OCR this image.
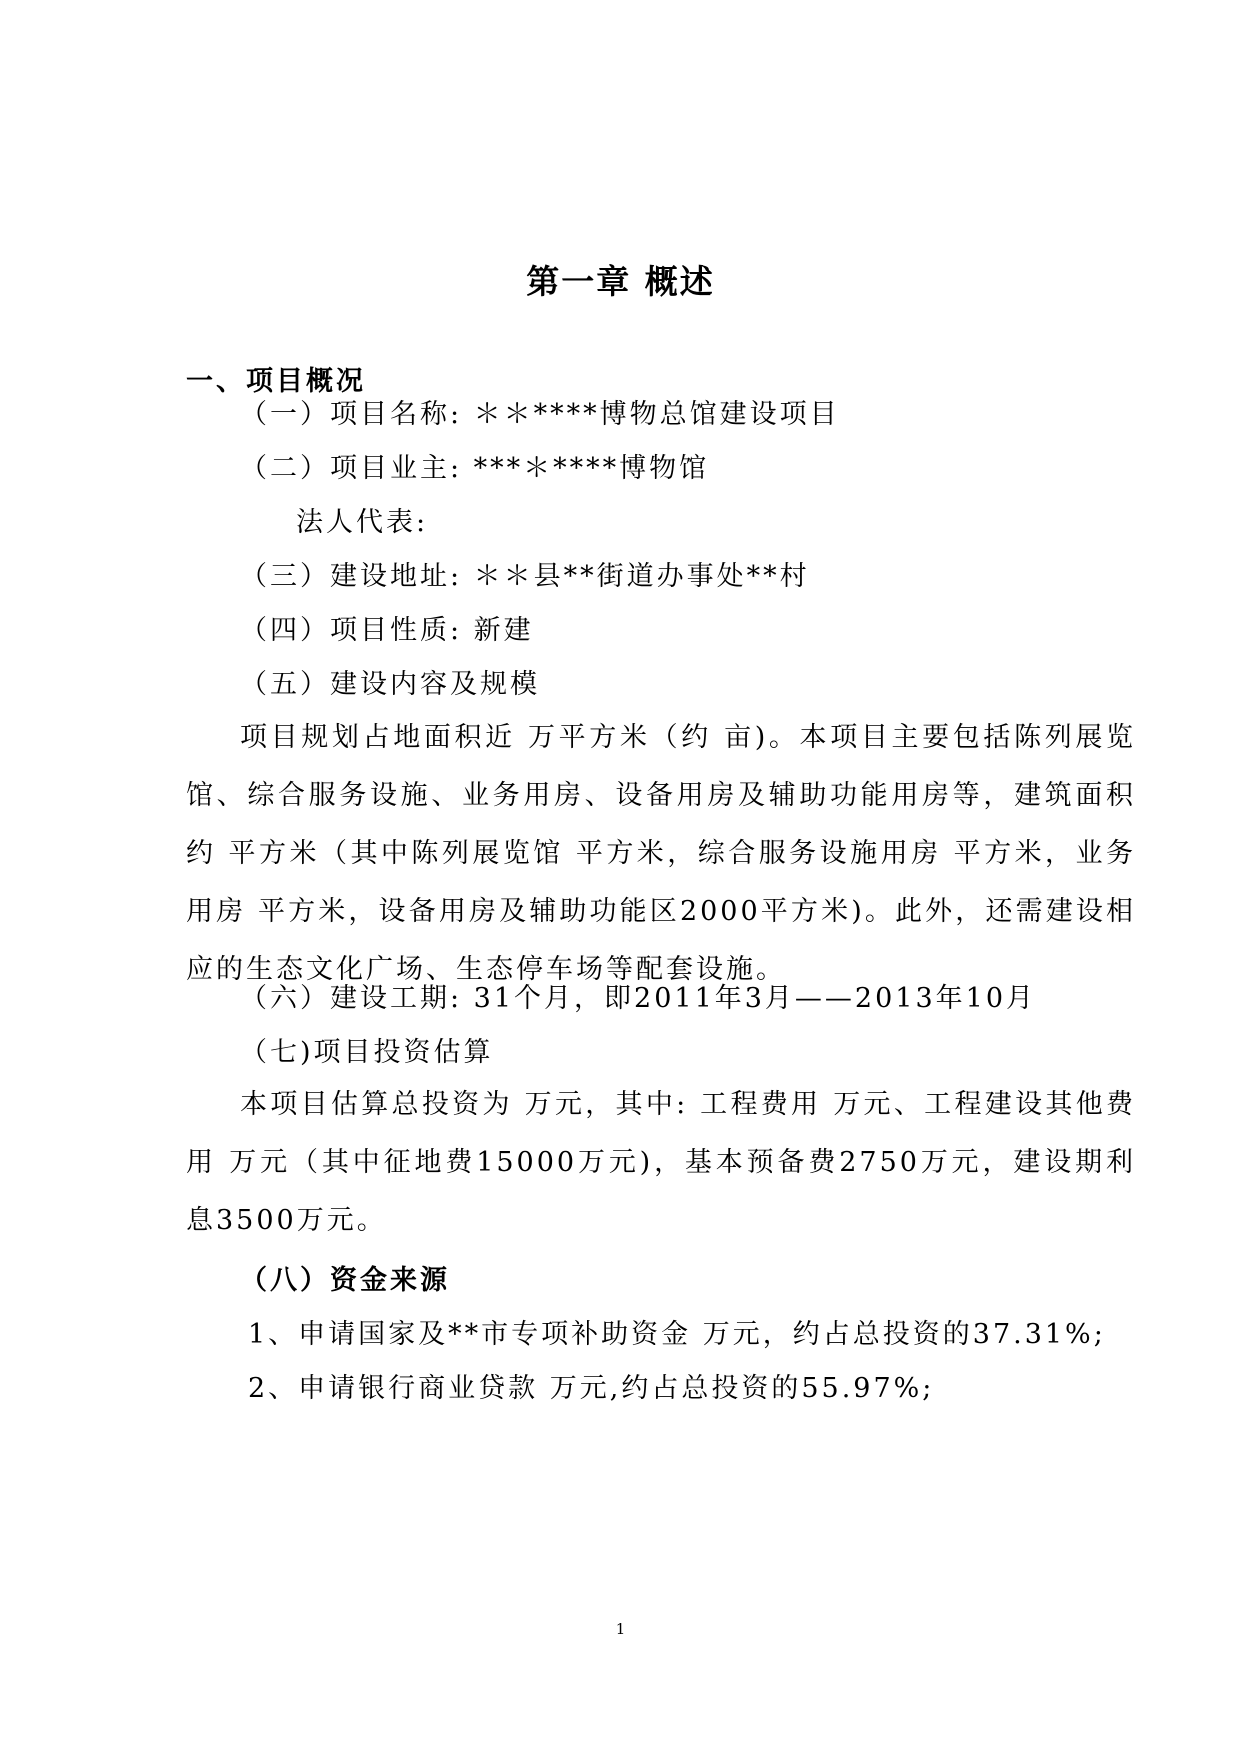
第一章 概述
一、项目概况
（一）项目名称: ＊＊****博物总馆建设项目
（二）项目业主: ***＊****博物馆
法人代表:
（三）建设地址: ＊＊县**街道办事处**村
（四）项目性质: 新建
（五）建设内容及规模
项目规划占地面积近 万平方米（约 亩)。本项目主要包括陈列展览馆、综合服务设施、业务用房、设备用房及辅助功能用房等，建筑面积约 平方米（其中陈列展览馆 平方米，综合服务设施用房 平方米，业务用房 平方米，设备用房及辅助功能区2000平方米)。此外，还需建设相应的生态文化广场、生态停车场等配套设施。
（六）建设工期: 31个月，即2011年3月——2013年10月
（七)项目投资估算
本项目估算总投资为 万元，其中: 工程费用 万元、工程建设其他费用 万元（其中征地费15000万元)，基本预备费2750万元，建设期利息3500万元。
（八）资金来源
1、申请国家及**市专项补助资金 万元，约占总投资的37.31%;
2、申请银行商业贷款 万元,约占总投资的55.97%;
1
